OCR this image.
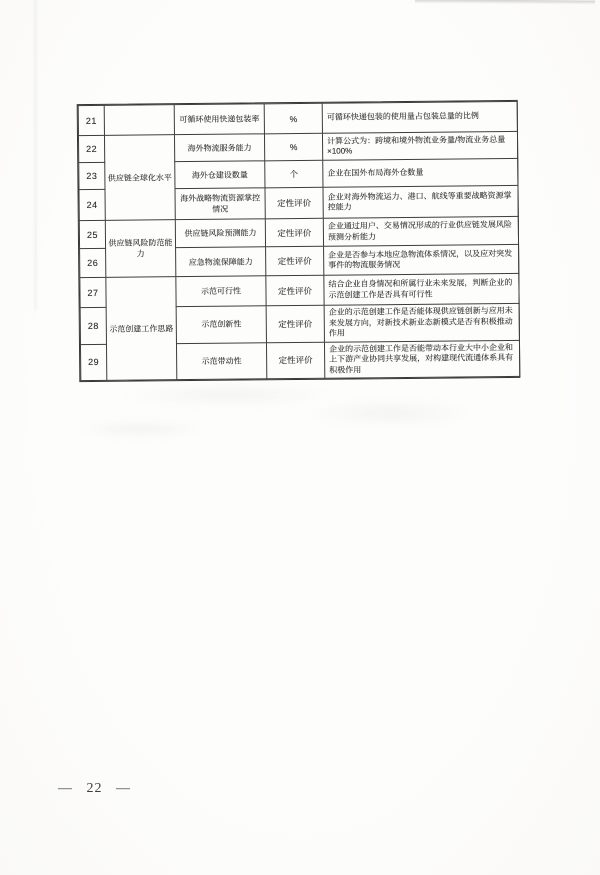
21		可循环使用快递包装率	%	可循环快递包装的使用量占包装总量的比例
22	供应链全球化水平	海外物流服务能力	%	计算公式为：跨境和境外物流业务量/物流业务总量×100%
23		海外仓建设数量	个	企业在国外布局海外仓数量
24		海外战略物流资源掌控情况	定性评价	企业对海外物流运力、港口、航线等重要战略资源掌控能力
25	供应链风险防范能力	供应链风险预测能力	定性评价	企业通过用户、交易情况形成的行业供应链发展风险预测分析能力
26		应急物流保障能力	定性评价	企业是否参与本地应急物流体系情况，以及应对突发事件的物流服务情况
27	示范创建工作思路	示范可行性	定性评价	结合企业自身情况和所属行业未来发展，判断企业的示范创建工作是否具有可行性
28		示范创新性	定性评价	企业的示范创建工作是否能体现供应链创新与应用未来发展方向，对新技术新业态新模式是否有积极推动作用
29		示范带动性	定性评价	企业的示范创建工作是否能带动本行业大中小企业和上下游产业协同共享发展，对构建现代流通体系具有积极作用
— 22 —
